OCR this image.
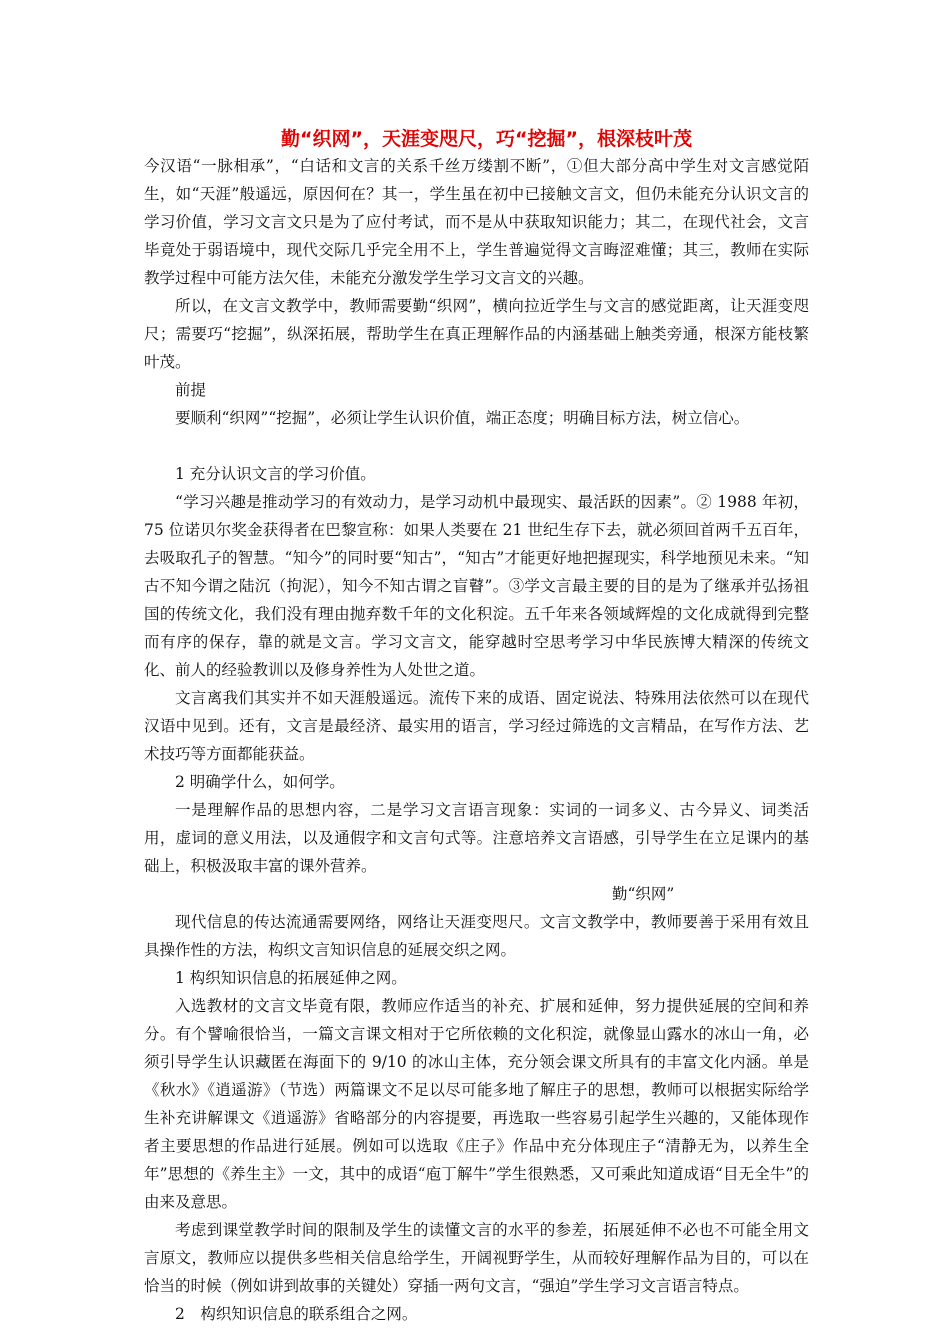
勤“织网”，天涯变咫尺，巧“挖掘”，根深枝叶茂

今汉语“一脉相承”，“白话和文言的关系千丝万缕割不断”，①但大部分高中学生对文言感觉陌生，如“天涯”般遥远，原因何在？其一，学生虽在初中已接触文言文，但仍未能充分认识文言的学习价值，学习文言文只是为了应付考试，而不是从中获取知识能力；其二，在现代社会，文言毕竟处于弱语境中，现代交际几乎完全用不上，学生普遍觉得文言晦涩难懂；其三，教师在实际教学过程中可能方法欠佳，未能充分激发学生学习文言文的兴趣。

所以，在文言文教学中，教师需要勤“织网”，横向拉近学生与文言的感觉距离，让天涯变咫尺；需要巧“挖掘”，纵深拓展，帮助学生在真正理解作品的内涵基础上触类旁通，根深方能枝繁叶茂。

前提

要顺利“织网”“挖掘”，必须让学生认识价值，端正态度；明确目标方法，树立信心。

1 充分认识文言的学习价值。

“学习兴趣是推动学习的有效动力，是学习动机中最现实、最活跃的因素”。② 1988 年初，75 位诺贝尔奖金获得者在巴黎宣称：如果人类要在 21 世纪生存下去，就必须回首两千五百年，去吸取孔子的智慧。“知今”的同时要“知古”，“知古”才能更好地把握现实，科学地预见未来。“知古不知今谓之陆沉（拘泥），知今不知古谓之盲瞽”。③学文言最主要的目的是为了继承并弘扬祖国的传统文化，我们没有理由抛弃数千年的文化积淀。五千年来各领域辉煌的文化成就得到完整而有序的保存，靠的就是文言。学习文言文，能穿越时空思考学习中华民族博大精深的传统文化、前人的经验教训以及修身养性为人处世之道。

文言离我们其实并不如天涯般遥远。流传下来的成语、固定说法、特殊用法依然可以在现代汉语中见到。还有，文言是最经济、最实用的语言，学习经过筛选的文言精品，在写作方法、艺术技巧等方面都能获益。

2 明确学什么，如何学。

一是理解作品的思想内容，二是学习文言语言现象：实词的一词多义、古今异义、词类活用，虚词的意义用法，以及通假字和文言句式等。注意培养文言语感，引导学生在立足课内的基础上，积极汲取丰富的课外营养。

勤“织网”

现代信息的传达流通需要网络，网络让天涯变咫尺。文言文教学中，教师要善于采用有效且具操作性的方法，构织文言知识信息的延展交织之网。

1 构织知识信息的拓展延伸之网。

入选教材的文言文毕竟有限，教师应作适当的补充、扩展和延伸，努力提供延展的空间和养分。有个譬喻很恰当，一篇文言课文相对于它所依赖的文化积淀，就像显山露水的冰山一角，必须引导学生认识藏匿在海面下的 9/10 的冰山主体，充分领会课文所具有的丰富文化内涵。单是《秋水》《逍遥游》（节选）两篇课文不足以尽可能多地了解庄子的思想，教师可以根据实际给学生补充讲解课文《逍遥游》省略部分的内容提要，再选取一些容易引起学生兴趣的，又能体现作者主要思想的作品进行延展。例如可以选取《庄子》作品中充分体现庄子“清静无为，以养生全年”思想的《养生主》一文，其中的成语“庖丁解牛”学生很熟悉，又可乘此知道成语“目无全牛”的由来及意思。

考虑到课堂教学时间的限制及学生的读懂文言的水平的参差，拓展延伸不必也不可能全用文言原文，教师应以提供多些相关信息给学生，开阔视野学生，从而较好理解作品为目的，可以在恰当的时候（例如讲到故事的关键处）穿插一两句文言，“强迫”学生学习文言语言特点。

2　构织知识信息的联系组合之网。
